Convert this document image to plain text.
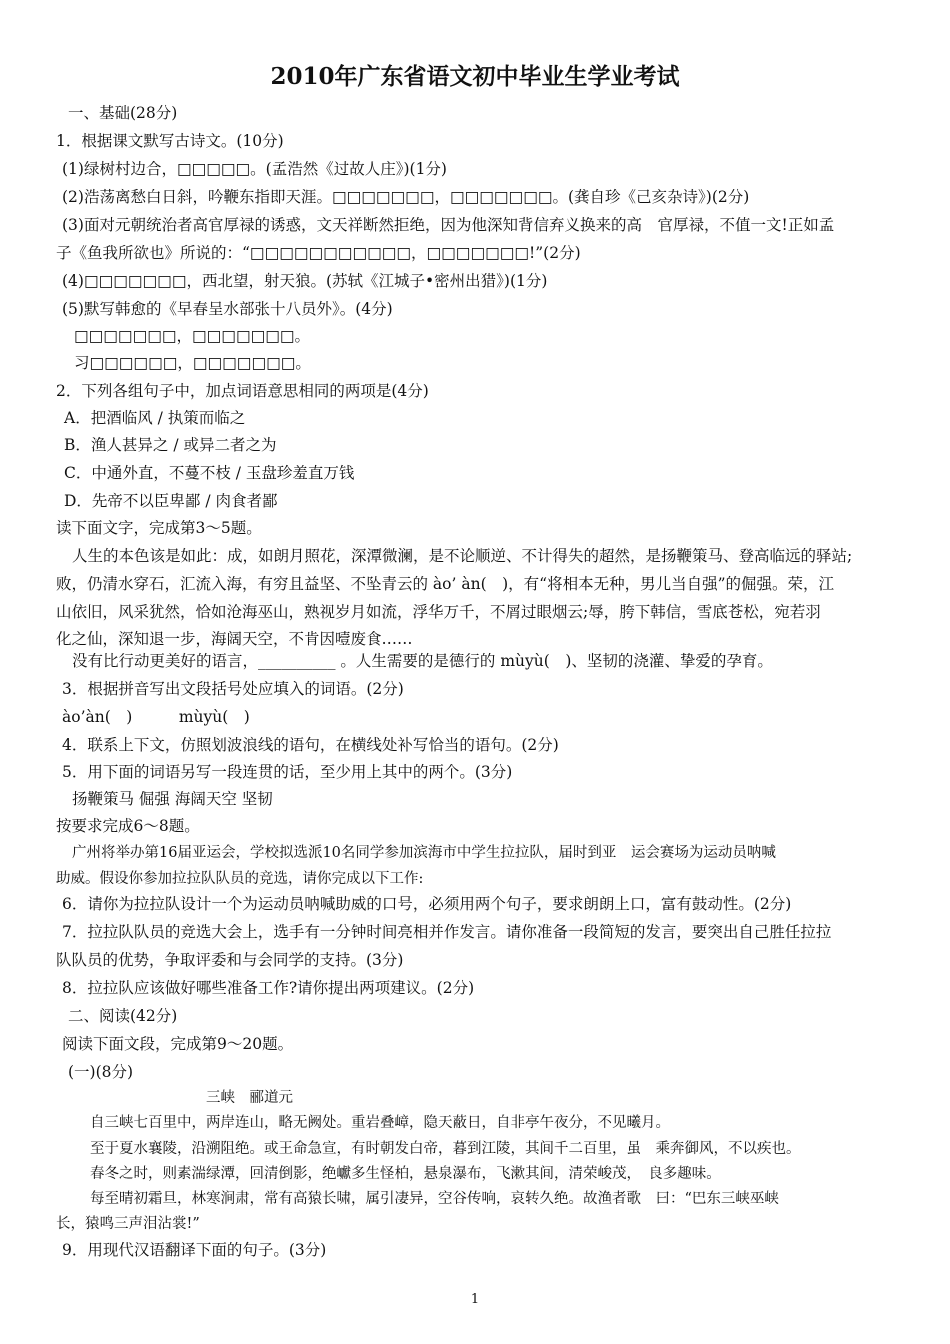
2010年广东省语文初中毕业生学业考试
一、基础(28分)
1．根据课文默写古诗文。(10分)
(1)绿树村边合，□□□□□。(孟浩然《过故人庄》)(1分)
(2)浩荡离愁白日斜，吟鞭东指即天涯。□□□□□□□，□□□□□□□。(龚自珍《己亥杂诗》)(2分)
(3)面对元朝统治者高官厚禄的诱惑，文天祥断然拒绝，因为他深知背信弃义换来的高　官厚禄，不值一文!正如孟
子《鱼我所欲也》所说的：“□□□□□□□□□□□，□□□□□□□!”(2分)
(4)□□□□□□□，西北望，射天狼。(苏轼《江城子•密州出猎》)(1分)
(5)默写韩愈的《早春呈水部张十八员外》。(4分)
□□□□□□□，□□□□□□□。
习□□□□□□，□□□□□□□。
2．下列各组句子中，加点词语意思相同的两项是(4分)
A．把酒临风 / 执策而临之
B．渔人甚异之 / 或异二者之为
C．中通外直，不蔓不枝 / 玉盘珍羞直万钱
D．先帝不以臣卑鄙 / 肉食者鄙
读下面文字，完成第3～5题。
人生的本色该是如此：成，如朗月照花，深潭微澜，是不论顺逆、不计得失的超然，是扬鞭策马、登高临远的驿站;
败，仍清水穿石，汇流入海，有穷且益坚、不坠青云的 ào’ àn(　)，有“将相本无种，男儿当自强”的倔强。荣，江
山依旧，风采犹然，恰如沧海巫山，熟视岁月如流，浮华万千，不屑过眼烟云;辱，胯下韩信，雪底苍松，宛若羽
化之仙，深知退一步，海阔天空，不肯因噎废食……
没有比行动更美好的语言，__________ 。人生需要的是德行的 mùyù(　)、坚韧的浇灌、挚爱的孕育。
3．根据拼音写出文段括号处应填入的词语。(2分)
ào’àn(　)　　　mùyù(　)
4．联系上下文，仿照划波浪线的语句，在横线处补写恰当的语句。(2分)
5．用下面的词语另写一段连贯的话，至少用上其中的两个。(3分)
扬鞭策马 倔强 海阔天空 坚韧
按要求完成6～8题。
广州将举办第16届亚运会，学校拟选派10名同学参加滨海市中学生拉拉队，届时到亚　运会赛场为运动员呐喊
助威。假设你参加拉拉队队员的竞选，请你完成以下工作:
6．请你为拉拉队设计一个为运动员呐喊助威的口号，必须用两个句子，要求朗朗上口，富有鼓动性。(2分)
7．拉拉队队员的竞选大会上，选手有一分钟时间亮相并作发言。请你准备一段简短的发言，要突出自己胜任拉拉
队队员的优势，争取评委和与会同学的支持。(3分)
8．拉拉队应该做好哪些准备工作?请你提出两项建议。(2分)
二、阅读(42分)
阅读下面文段，完成第9～20题。
(一)(8分)
三峡　郦道元
自三峡七百里中，两岸连山，略无阙处。重岩叠嶂，隐天蔽日，自非亭午夜分，不见曦月。
至于夏水襄陵，沿溯阻绝。或王命急宣，有时朝发白帝，暮到江陵，其间千二百里，虽　乘奔御风，不以疾也。
春冬之时，则素湍绿潭，回清倒影，绝巘多生怪柏，悬泉瀑布，飞漱其间，清荣峻茂，　良多趣味。
每至晴初霜旦，林寒涧肃，常有高猿长啸，属引凄异，空谷传响，哀转久绝。故渔者歌　曰：“巴东三峡巫峡
长，猿鸣三声泪沾裳!”
9．用现代汉语翻译下面的句子。(3分)
1
